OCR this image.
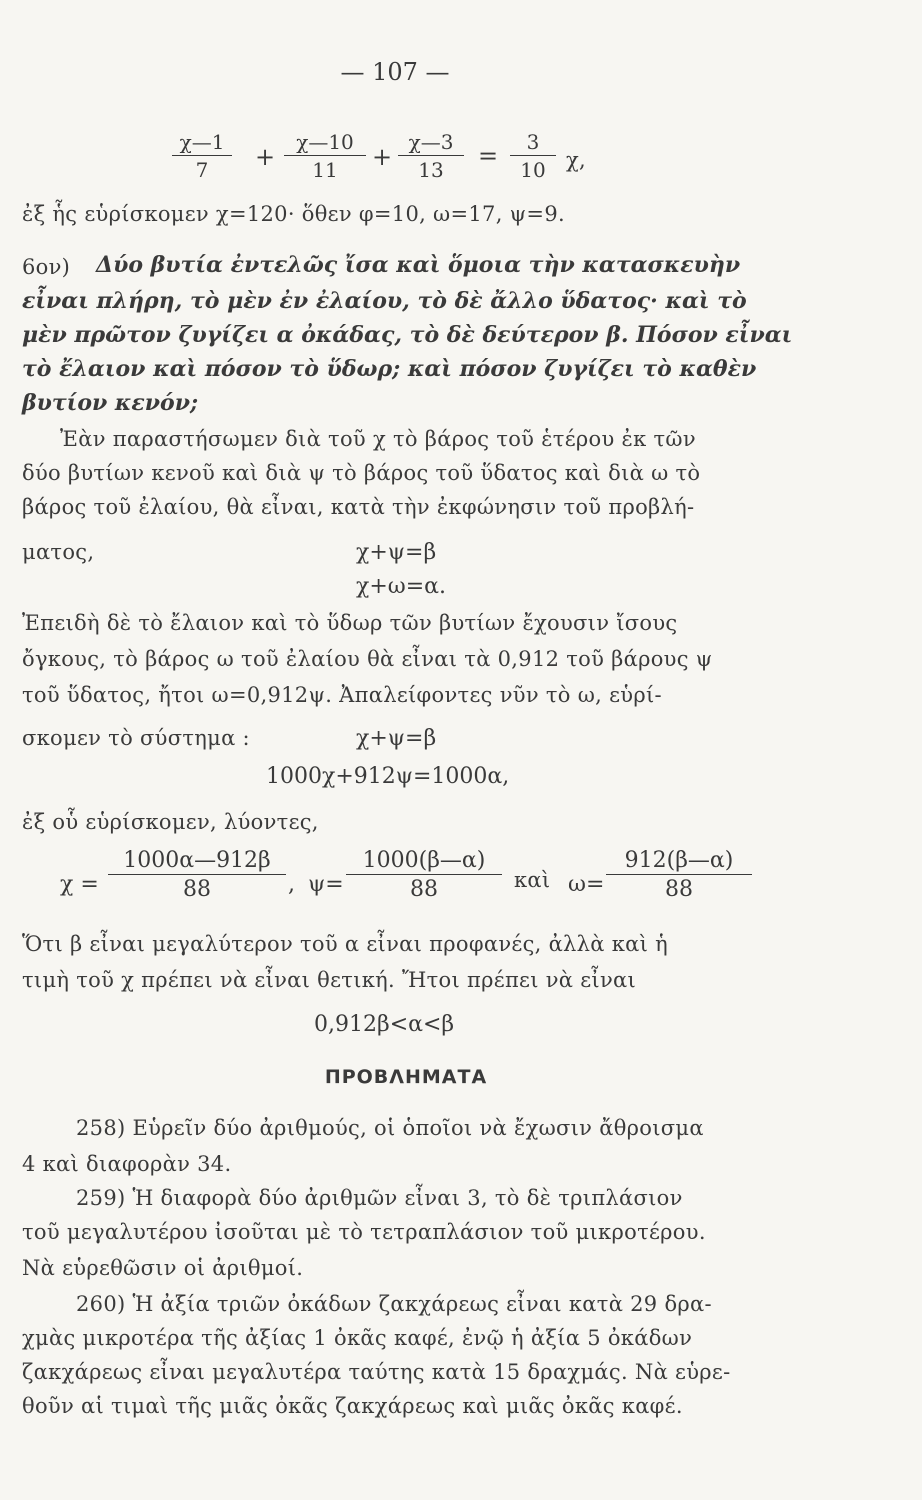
— 107 —
χ—1
7	+
χ—10
11	+
χ—3
13	=	3
10 χ,
ἐξ ἧς εὑρίσκομεν χ=120· ὅθεν φ=10, ω=17, ψ=9.
6ον) Δύο βυτία ἐντελῶς ἴσα καὶ ὅμοια τὴν κατασκευὴν
εἶναι πλήρη, τὸ μὲν ἐν ἐλαίου, τὸ δὲ ἄλλο ὕδατος· καὶ τὸ
μὲν πρῶτον ζυγίζει α ὀκάδας, τὸ δὲ δεύτερον β. Πόσον εἶναι
τὸ ἔλαιον καὶ πόσον τὸ ὕδωρ; καὶ πόσον ζυγίζει τὸ καθὲν
βυτίον κενόν;
Ἐὰν παραστήσωμεν διὰ τοῦ χ τὸ βάρος τοῦ ἑτέρου ἐκ τῶν
δύο βυτίων κενοῦ καὶ διὰ ψ τὸ βάρος τοῦ ὕδατος καὶ διὰ ω τὸ
βάρος τοῦ ἐλαίου, θὰ εἶναι, κατὰ τὴν ἐκφώνησιν τοῦ προβλή-
ματος,	χ+ψ=β
χ+ω=α.
Ἐπειδὴ δὲ τὸ ἔλαιον καὶ τὸ ὕδωρ τῶν βυτίων ἔχουσιν ἴσους
ὄγκους, τὸ βάρος ω τοῦ ἐλαίου θὰ εἶναι τὰ 0,912 τοῦ βάρους ψ
τοῦ ὕδατος, ἤτοι ω=0,912ψ. Ἀπαλείφοντες νῦν τὸ ω, εὑρί-
σκομεν τὸ σύστημα :	χ+ψ=β
1000χ+912ψ=1000α,
ἐξ οὗ εὑρίσκομεν, λύοντες,
χ =
1000α—912β
88	, ψ=
1000(β—α)
88	καὶ ω=
912(β—α)
88
Ὅτι β εἶναι μεγαλύτερον τοῦ α εἶναι προφανές, ἀλλὰ καὶ ἡ
τιμὴ τοῦ χ πρέπει νὰ εἶναι θετική. Ἤτοι πρέπει νὰ εἶναι
0,912β<α<β
ΠΡΟΒΛΗΜΑΤΑ
258) Εὑρεῖν δύο ἀριθμούς, οἱ ὁποῖοι νὰ ἔχωσιν ἄθροισμα
4 καὶ διαφορὰν 34.
259) Ἡ διαφορὰ δύο ἀριθμῶν εἶναι 3, τὸ δὲ τριπλάσιον
τοῦ μεγαλυτέρου ἰσοῦται μὲ τὸ τετραπλάσιον τοῦ μικροτέρου.
Νὰ εὑρεθῶσιν οἱ ἀριθμοί.
260) Ἡ ἀξία τριῶν ὀκάδων ζακχάρεως εἶναι κατὰ 29 δρα-
χμὰς μικροτέρα τῆς ἀξίας 1 ὀκᾶς καφέ, ἐνῷ ἡ ἀξία 5 ὀκάδων
ζακχάρεως εἶναι μεγαλυτέρα ταύτης κατὰ 15 δραχμάς. Νὰ εὑρε-
θοῦν αἱ τιμαὶ τῆς μιᾶς ὀκᾶς ζακχάρεως καὶ μιᾶς ὀκᾶς καφέ.
